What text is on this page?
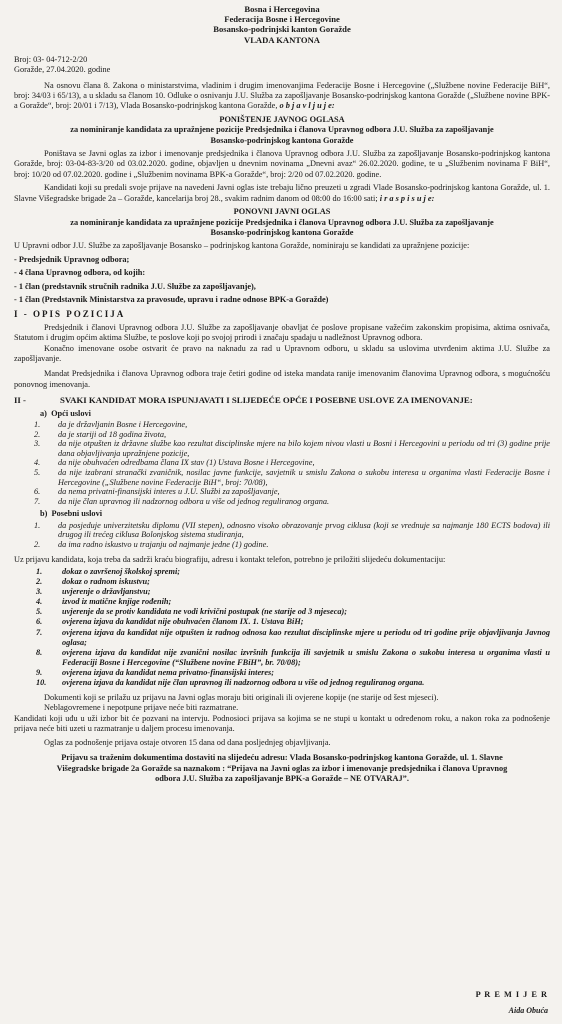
Bosna i Hercegovina
Federacija Bosne i Hercegovine
Bosansko-podrinjski kanton Goražde
VLADA KANTONA

Broj: 03- 04-712-2/20

Goražde, 27.04.2020. godine

Na osnovu člana 8. Zakona o ministarstvima, vladinim i drugim imenovanjima Federacije Bosne i Hercegovine („Službene novine Federacije BiH“, broj: 34/03 i 65/13), a u skladu sa članom 10. Odluke o osnivanju J.U. Služba za zapošljavanje Bosansko-podrinjskog kantona Goražde („Službene novine BPK-a Goražde“, broj: 20/01 i 7/13), Vlada Bosansko-podrinjskog kantona Goražde, o b j a v l j u j e:

PONIŠTENJE JAVNOG OGLASA

za nominiranje kandidata za upražnjene pozicije Predsjednika i članova Upravnog odbora J.U. Služba za zapošljavanje Bosansko-podrinjskog kantona Goražde

Poništava se Javni oglas za izbor i imenovanje predsjednika i članova Upravnog odbora J.U. Služba za zapošljavanje Bosansko-podrinjskog kantona Goražde, broj: 03-04-83-3/20 od 03.02.2020. godine, objavljen u dnevnim novinama „Dnevni avaz“ 26.02.2020. godine, te u „Službenim novinama F BiH“, broj: 10/20 od 07.02.2020. godine i „Službenim novinama BPK-a Goražde“, broj: 2/20 od 07.02.2020. godine.

Kandidati koji su predali svoje prijave na navedeni Javni oglas iste trebaju lično preuzeti u zgradi Vlade Bosansko-podrinjskog kantona Goražde, ul. 1. Slavne Višegradske brigade 2a – Goražde, kancelarija broj 28., svakim radnim danom od 08:00 do 16:00 sati; i r a s p i s u j e:

PONOVNI JAVNI OGLAS

za nominiranje kandidata za upražnjene pozicije Predsjednika i članova Upravnog odbora J.U. Služba za zapošljavanje Bosansko-podrinjskog kantona Goražde

U Upravni odbor J.U. Službe za zapošljavanje Bosansko – podrinjskog kantona Goražde, nominiraju se kandidati za upražnjene pozicije:

- Predsjednik Upravnog odbora;

- 4 člana Upravnog odbora, od kojih:

- 1 član (predstavnik stručnih radnika J.U. Službe za zapošljavanje),

- 1 član (Predstavnik Ministarstva za pravosuđe, upravu i radne odnose BPK-a Goražde)

I - OPIS POZICIJA

Predsjednik i članovi Upravnog odbora J.U. Službe za zapošljavanje obavljat će poslove propisane važećim zakonskim propisima, aktima osnivača, Statutom i drugim općim aktima Službe, te poslove koji po svojoj prirodi i značaju spadaju u nadležnost Upravnog odbora.

Konačno imenovane osobe ostvarit će pravo na naknadu za rad u Upravnom odboru, u skladu sa uslovima utvrđenim aktima J.U. Službe za zapošljavanje.

Mandat Predsjednika i članova Upravnog odbora traje četiri godine od isteka mandata ranije imenovanim članovima Upravnog odbora, s mogućnošću ponovnog imenovanja.

II -	SVAKI KANDIDAT MORA ISPUNJAVATI I SLIJEDEĆE OPĆE I POSEBNE USLOVE ZA IMENOVANJE:
a) Opći uslovi
1.	da je državljanin Bosne i Hercegovine,
2.	da je stariji od 18 godina života,
3.	da nije otpušten iz državne službe kao rezultat disciplinske mjere na bilo kojem nivou vlasti u Bosni i Hercegovini u periodu od tri (3) godine prije dana objavljivanja upražnjene pozicije,
4.	da nije obuhvaćen odredbama člana IX stav (1) Ustava Bosne i Hercegovine,
5.	da nije izabrani stranački zvaničnik, nosilac javne funkcije, savjetnik u smislu Zakona o sukobu interesa u organima vlasti Federacije Bosne i Hercegovine („Službene novine Federacije BiH“, broj: 70/08),
6.	da nema privatni-finansijski interes u J.U. Službi za zapošljavanje,
7.	da nije član upravnog ili nadzornog odbora u više od jednog reguliranog organa.
b) Posebni uslovi
1.	da posjeduje univerzitetsku diplomu (VII stepen), odnosno visoko obrazovanje prvog ciklusa (koji se vrednuje sa najmanje 180 ECTS bodova) ili drugog ili trećeg ciklusa Bolonjskog sistema studiranja,
2.	da ima radno iskustvo u trajanju od najmanje jedne (1) godine.

Uz prijavu kandidata, koja treba da sadrži kraću biografiju, adresu i kontakt telefon, potrebno je priložiti slijedeću dokumentaciju:

1.	dokaz o završenoj školskoj spremi;
2.	dokaz o radnom iskustvu;
3.	uvjerenje o državljanstvu;
4.	izvod iz matične knjige rođenih;
5.	uvjerenje da se protiv kandidata ne vodi krivični postupak (ne starije od 3 mjeseca);
6.	ovjerena izjava da kandidat nije obuhvaćen članom IX. 1. Ustava BiH;
7.	ovjerena izjava da kandidat nije otpušten iz radnog odnosa kao rezultat disciplinske mjere u periodu od tri godine prije objavljivanja Javnog oglasa;
8.	ovjerena izjava da kandidat nije zvanični nosilac izvršnih funkcija ili savjetnik u smislu Zakona o sukobu interesa u organima vlasti u Federaciji Bosne i Hercegovine (“Službene novine FBiH”, br. 70/08);
9.	ovjerena izjava da kandidat nema privatno-finansijski interes;
10.	ovjerena izjava da kandidat nije član upravnog ili nadzornog odbora u više od jednog reguliranog organa.

Dokumenti koji se prilažu uz prijavu na Javni oglas moraju biti originali ili ovjerene kopije (ne starije od šest mjeseci).

Neblagovremene i nepotpune prijave neće biti razmatrane.

Kandidati koji uđu u uži izbor bit će pozvani na intervju. Podnosioci prijava sa kojima se ne stupi u kontakt u određenom roku, a nakon roka za podnošenje prijava neće biti uzeti u razmatranje u daljem procesu imenovanja.

Oglas za podnošenje prijava ostaje otvoren 15 dana od dana posljednjeg objavljivanja.

Prijavu sa traženim dokumentima dostaviti na slijedeću adresu: Vlada Bosansko-podrinjskog kantona Goražde, ul. 1. Slavne Višegradske brigade 2a Goražde sa naznakom : “Prijava na Javni oglas za izbor i imenovanje predsjednika i članova Upravnog odbora J.U. Služba za zapošljavanje BPK-a Goražde – NE OTVARAJ”.

P R E M I J E R
Aida Obuća
